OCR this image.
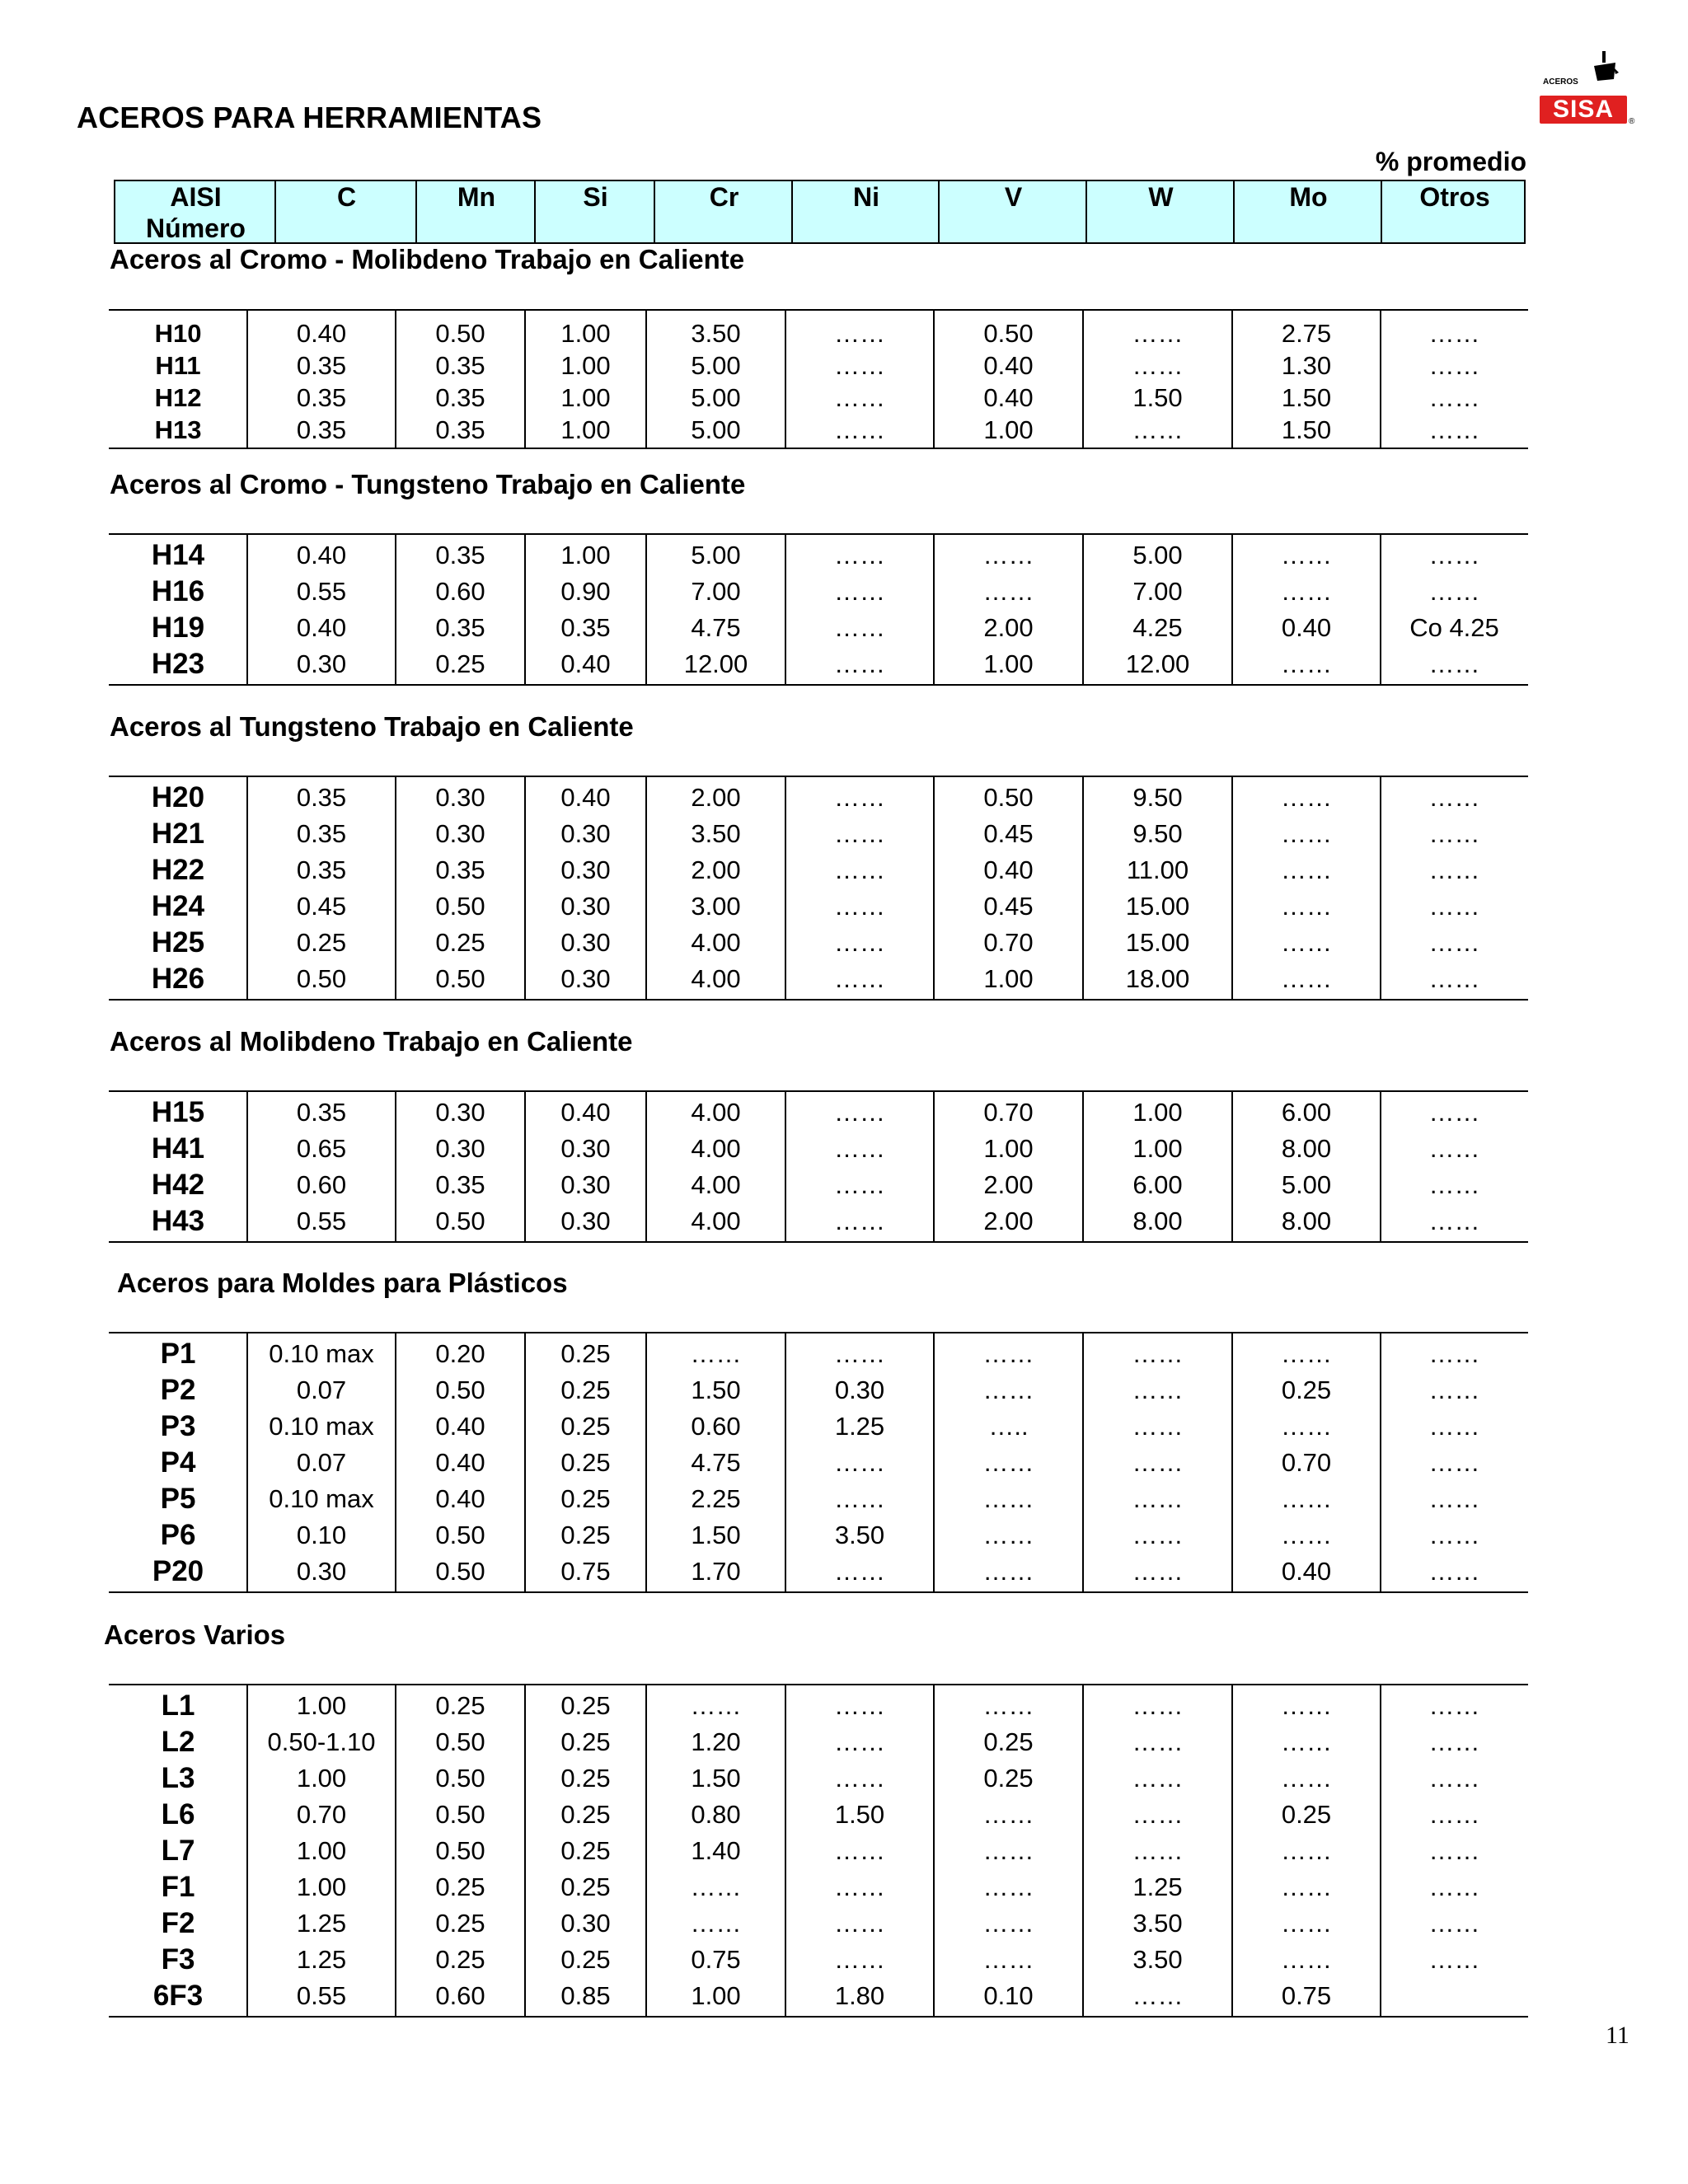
ACEROS PARA HERRAMIENTAS
ACEROS
SISA	®
% promedio
AISI
Número
C	Mn	Si	Cr	Ni	V	W	Mo	Otros
Aceros al Cromo - Molibdeno Trabajo en Caliente
H10	0.40	0.50	1.00	3.50	……	0.50	……	2.75	……
H11	0.35	0.35	1.00	5.00	……	0.40	……	1.30	……
H12	0.35	0.35	1.00	5.00	……	0.40	1.50	1.50	……
H13	0.35	0.35	1.00	5.00	……	1.00	……	1.50	……
Aceros al Cromo - Tungsteno Trabajo en Caliente
H14	0.40	0.35	1.00	5.00	……	……	5.00	……	……
H16	0.55	0.60	0.90	7.00	……	……	7.00	……	……
H19	0.40	0.35	0.35	4.75	……	2.00	4.25	0.40	Co 4.25
H23	0.30	0.25	0.40	12.00	……	1.00	12.00	……	……
Aceros al Tungsteno Trabajo en Caliente
H20	0.35	0.30	0.40	2.00	……	0.50	9.50	……	……
H21	0.35	0.30	0.30	3.50	……	0.45	9.50	……	……
H22	0.35	0.35	0.30	2.00	……	0.40	11.00	……	……
H24	0.45	0.50	0.30	3.00	……	0.45	15.00	……	……
H25	0.25	0.25	0.30	4.00	……	0.70	15.00	……	……
H26	0.50	0.50	0.30	4.00	……	1.00	18.00	……	……
Aceros al Molibdeno Trabajo en Caliente
H15	0.35	0.30	0.40	4.00	……	0.70	1.00	6.00	……
H41	0.65	0.30	0.30	4.00	……	1.00	1.00	8.00	……
H42	0.60	0.35	0.30	4.00	……	2.00	6.00	5.00	……
H43	0.55	0.50	0.30	4.00	……	2.00	8.00	8.00	……
Aceros para Moldes para Plásticos
P1	0.10 max	0.20	0.25	……	……	……	……	……	……
P2	0.07	0.50	0.25	1.50	0.30	……	……	0.25	……
P3	0.10 max	0.40	0.25	0.60	1.25	…..	……	……	……
P4	0.07	0.40	0.25	4.75	……	……	……	0.70	……
P5	0.10 max	0.40	0.25	2.25	……	……	……	……	……
P6	0.10	0.50	0.25	1.50	3.50	……	……	……	……
P20	0.30	0.50	0.75	1.70	……	……	……	0.40	……
Aceros Varios
L1	1.00	0.25	0.25	……	……	……	……	……	……
L2	0.50-1.10	0.50	0.25	1.20	……	0.25	……	……	……
L3	1.00	0.50	0.25	1.50	……	0.25	……	……	……
L6	0.70	0.50	0.25	0.80	1.50	……	……	0.25	……
L7	1.00	0.50	0.25	1.40	……	……	……	……	……
F1	1.00	0.25	0.25	……	……	……	1.25	……	……
F2	1.25	0.25	0.30	……	……	……	3.50	……	……
F3	1.25	0.25	0.25	0.75	……	……	3.50	……	……
6F3	0.55	0.60	0.85	1.00	1.80	0.10	……	0.75
11
